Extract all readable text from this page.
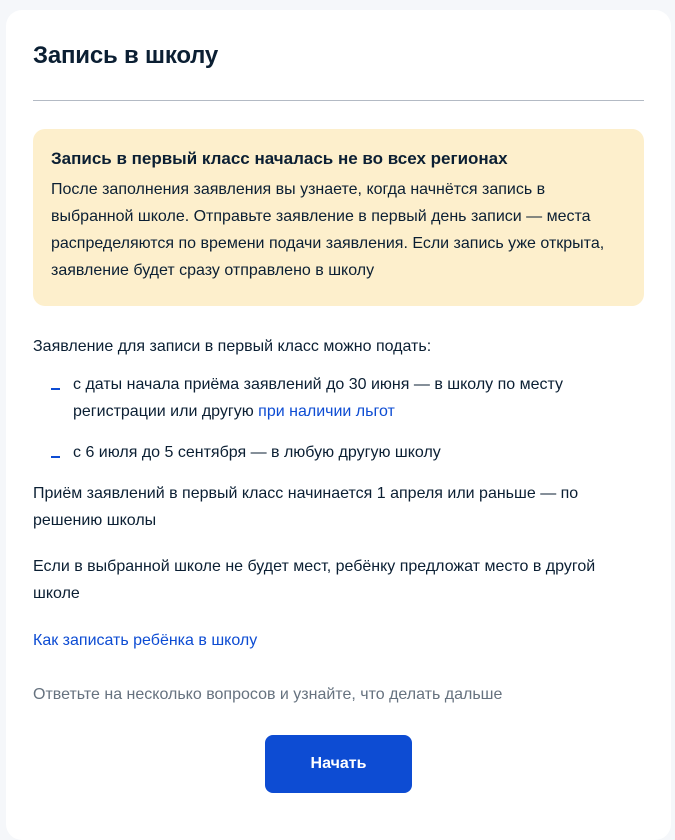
Запись в школу
Запись в первый класс началась не во всех регионах
После заполнения заявления вы узнаете, когда начнётся запись в выбранной школе. Отправьте заявление в первый день записи — места распределяются по времени подачи заявления. Если запись уже открыта, заявление будет сразу отправлено в школу

Заявление для записи в первый класс можно подать:

с даты начала приёма заявлений до 30 июня — в школу по месту регистрации или другую при наличии льгот
с 6 июля до 5 сентября — в любую другую школу

Приём заявлений в первый класс начинается 1 апреля или раньше — по решению школы

Если в выбранной школе не будет мест, ребёнку предложат место в другой школе

Как записать ребёнка в школу

Ответьте на несколько вопросов и узнайте, что делать дальше

Начать
